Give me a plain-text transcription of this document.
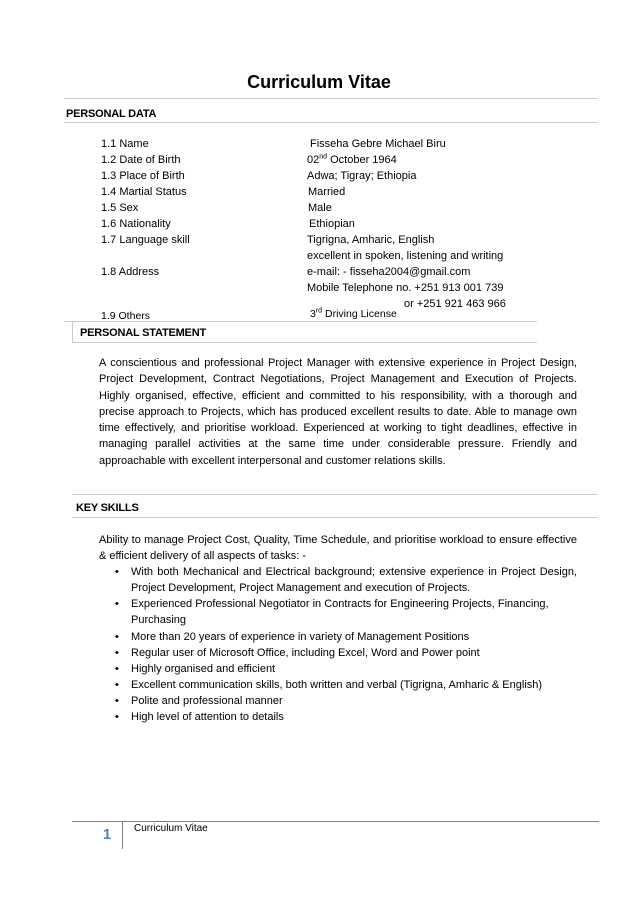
Curriculum Vitae
PERSONAL DATA
1.1 Name	Fisseha Gebre Michael Biru
1.2 Date of Birth	02nd October 1964
1.3 Place of Birth	Adwa; Tigray; Ethiopia
1.4 Martial Status	Married
1.5 Sex	Male
1.6 Nationality	Ethiopian
1.7 Language skill	Tigrigna, Amharic, English
excellent in spoken, listening and writing
1.8 Address	e-mail: - fisseha2004@gmail.com
Mobile Telephone no. +251 913 001 739
or +251 921 463 966
1.9 Others	3rd Driving License
PERSONAL STATEMENT
A conscientious and professional Project Manager with extensive experience in Project Design, Project Development, Contract Negotiations, Project Management and Execution of Projects. Highly organised, effective, efficient and committed to his responsibility, with a thorough and precise approach to Projects, which has produced excellent results to date. Able to manage own time effectively, and prioritise workload. Experienced at working to tight deadlines, effective in managing parallel activities at the same time under considerable pressure. Friendly and approachable with excellent interpersonal and customer relations skills.
KEY SKILLS

Ability to manage Project Cost, Quality, Time Schedule, and prioritise workload to ensure effective & efficient delivery of all aspects of tasks: -

• With both Mechanical and Electrical background; extensive experience in Project Design, Project Development, Project Management and execution of Projects.
• Experienced Professional Negotiator in Contracts for Engineering Projects, Financing, Purchasing
• More than 20 years of experience in variety of Management Positions
• Regular user of Microsoft Office, including Excel, Word and Power point
• Highly organised and efficient
• Excellent communication skills, both written and verbal (Tigrigna, Amharic & English)
• Polite and professional manner
• High level of attention to details
1	Curriculum Vitae
